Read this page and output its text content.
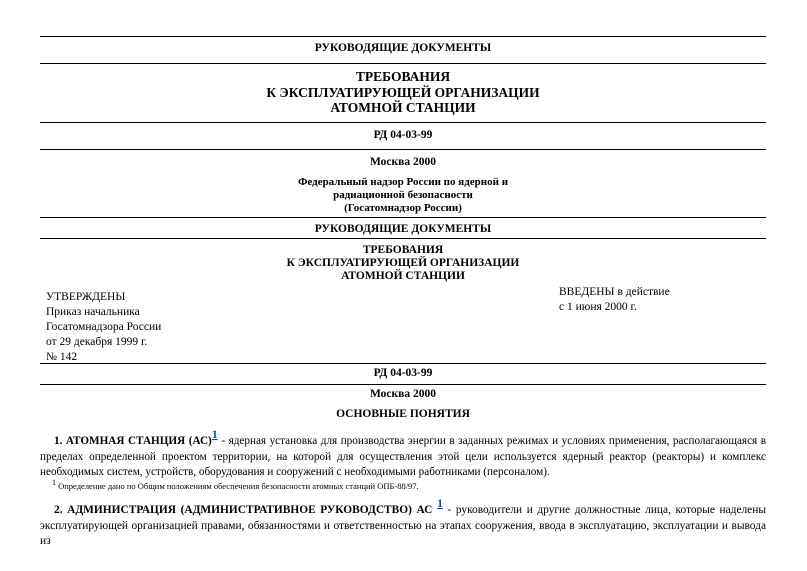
РУКОВОДЯЩИЕ ДОКУМЕНТЫ
ТРЕБОВАНИЯ
К ЭКСПЛУАТИРУЮЩЕЙ ОРГАНИЗАЦИИ
АТОМНОЙ СТАНЦИИ
РД 04-03-99
Москва 2000
Федеральный надзор России по ядерной и
радиационной безопасности
(Госатомнадзор России)
РУКОВОДЯЩИЕ ДОКУМЕНТЫ
ТРЕБОВАНИЯ
К ЭКСПЛУАТИРУЮЩЕЙ ОРГАНИЗАЦИИ
АТОМНОЙ СТАНЦИИ
УТВЕРЖДЕНЫ
Приказ начальника
Госатомнадзора России
от 29 декабря 1999 г.
№ 142
ВВЕДЕНЫ в действие
с 1 июня 2000 г.
РД 04-03-99
Москва 2000
ОСНОВНЫЕ ПОНЯТИЯ
1. АТОМНАЯ СТАНЦИЯ (АС)1 - ядерная установка для производства энергии в заданных режимах и условиях применения, располагающаяся в пределах определенной проектом территории, на которой для осуществления этой цели используется ядерный реактор (реакторы) и комплекс необходимых систем, устройств, оборудования и сооружений с необходимыми работниками (персоналом).
$^1$ Определение дано по Общим положениям обеспечения безопасности атомных станций ОПБ-88/97.
2. АДМИНИСТРАЦИЯ (АДМИНИСТРАТИВНОЕ РУКОВОДСТВО) АС 1 - руководители и другие должностные лица, которые наделены эксплуатирующей организацией правами, обязанностями и ответственностью на этапах сооружения, ввода в эксплуатацию, эксплуатации и вывода из
